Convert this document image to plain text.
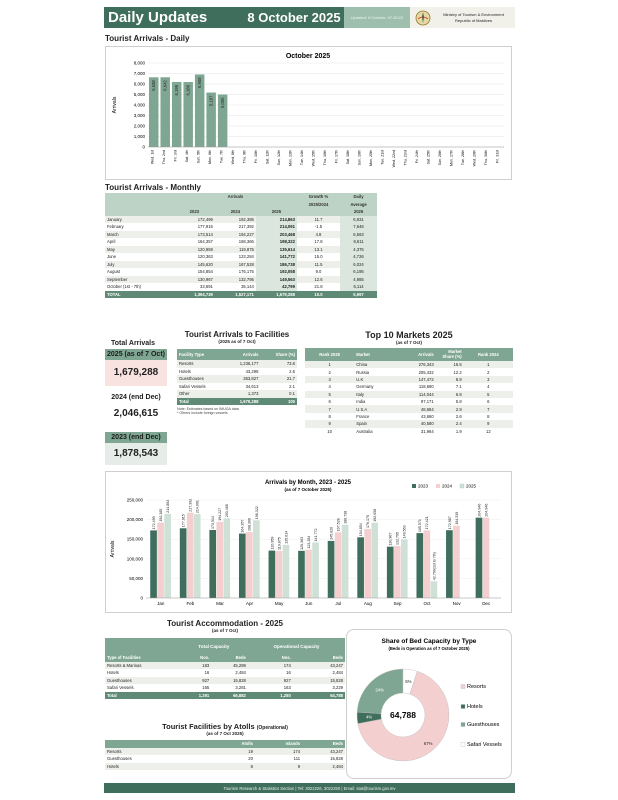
Daily Updates	8 October 2025	Updated: 8 October, 07:30:22
Ministry of Tourism & Environment
Republic of Maldives
Tourist Arrivals - Daily
October 2025
Arrivals
0
1,000
2,000
3,000
4,000
5,000
6,000
7,000
8,000
Wed, 1st
6,638
Thu, 2nd
6,642
Fri, 3rd
6,195
Sat, 4th
6,188
Sun, 5th
6,908
Mon, 6th
5,187
Tue, 7th
5,000
Wed, 8th Thu, 9th Fri, 10th Sat, 11th Sun, 12th Mon, 13th Tue, 14th Wed, 15th Thu, 16th Fri, 17th Sat, 18th Sun, 19th Mon, 20th Tue, 21st Wed, 22nd Thu, 23rd Fri, 24th Sat, 25th Sun, 26th Mon, 27th Tue, 28th Wed, 29th Thu, 30th Fri, 31st
Tourist Arrivals - Monthly
	Arrivals			Growth %	Daily
				2025/2024	Average
	2023	2024	2025		2025
January	172,499	192,385	214,863	11.7	6,931
February	177,915	217,392	214,091	-1.5	7,646
March	173,514	194,227	203,468	4.8	6,563
April	164,357	168,366	198,322	17.8	6,611
May	120,959	119,875	135,614	13.1	4,375
June	120,363	123,284	141,772	15.0	4,726
July	145,620	167,528	186,738	11.5	6,024
August	154,854	176,175	192,058	9.0	6,195
September	130,967	132,795	149,563	12.6	4,985
October (1st - 7th)	33,691	35,144	42,799	21.8	6,114
TOTAL	1,394,739	1,527,171	1,679,288	10.0	5,997
Total Arrivals
2025 (as of 7 Oct)
1,679,288
2024 (end Dec)
2,046,615
2023 (end Dec)
1,878,543
Tourist Arrivals to Facilities
(2025 as of 7 Oct)
Facility Type	Arrivals	Share (%)
Resorts	1,236,177	73.6
Hotels	43,298	2.6
Guesthouses	363,827	21.7
Safari Vessels	34,613	2.1
Other	1,373	0.1
Total	1,679,288	100
Note: Estimates based on IMUGA data
* Others include foreign vessels
Top 10 Markets 2025
(as of 7 Oct)
Rank 2025	Market	Arrivals	Market Share (%)	Rank 2024
1	China	276,343	16.5	1
2	Russia	205,432	12.2	2
3	U.K	147,472	8.8	3
4	Germany	118,690	7.1	4
5	Italy	114,044	6.8	5
6	India	97,171	5.8	6
7	U.S.A	48,684	2.9	7
8	France	43,660	2.6	8
9	Spain	40,580	2.4	9
10	Australia	31,964	1.9	12
Arrivals by Month, 2023 - 2025
(as of 7 October 2025)
Arrivals
0
50,000
100,000
150,000
200,000
250,000
2023	2024	2025
Jan
172,499
192,385
214,863
Feb
177,915
217,392 214,091
Mar
173,514
194,227 203,468
Apr
164,357 168,366
198,322
May
120,959 119,875 135,614
Jun
120,363 123,284
141,772
Jul
145,620
167,528
186,738
Aug
154,854
176,175 192,058
Sep
130,967 132,795
149,563
Oct
165,571 172,421
42,799(1st to 7th)
Nov
172,987 184,519
Dec
204,946 204,946
Tourist Accommodation - 2025
(as of 7 Oct)
	Total Capacity		Operational Capacity	
Type of Facilities	Nos.	Beds	Nos.	Beds
Resorts & Marinas	183	45,289	174	43,247
Hotels	16	2,484	16	2,484
Guesthouses	927	15,828	927	15,828
Safari Vessels	165	3,281	163	3,229
Total	1,291	66,882	1,280	64,788
Tourist Facilities by Atolls (Operational)
(as of 7 Oct 2025)
	Atolls	Islands	Beds
Resorts	19	174	43,247
Guesthouses	20	111	15,828
Hotels	8	9	2,484
Share of Bed Capacity by Type
(Beds in Operation as of 7 October 2025)
67%
4%
24%
5%
64,788
Resorts
Hotels
Guesthouses
Safari Vessels
Tourism Research & Statistics Section | Tel: 3022226, 3022250 | Email: stat@tourism.gov.mv
